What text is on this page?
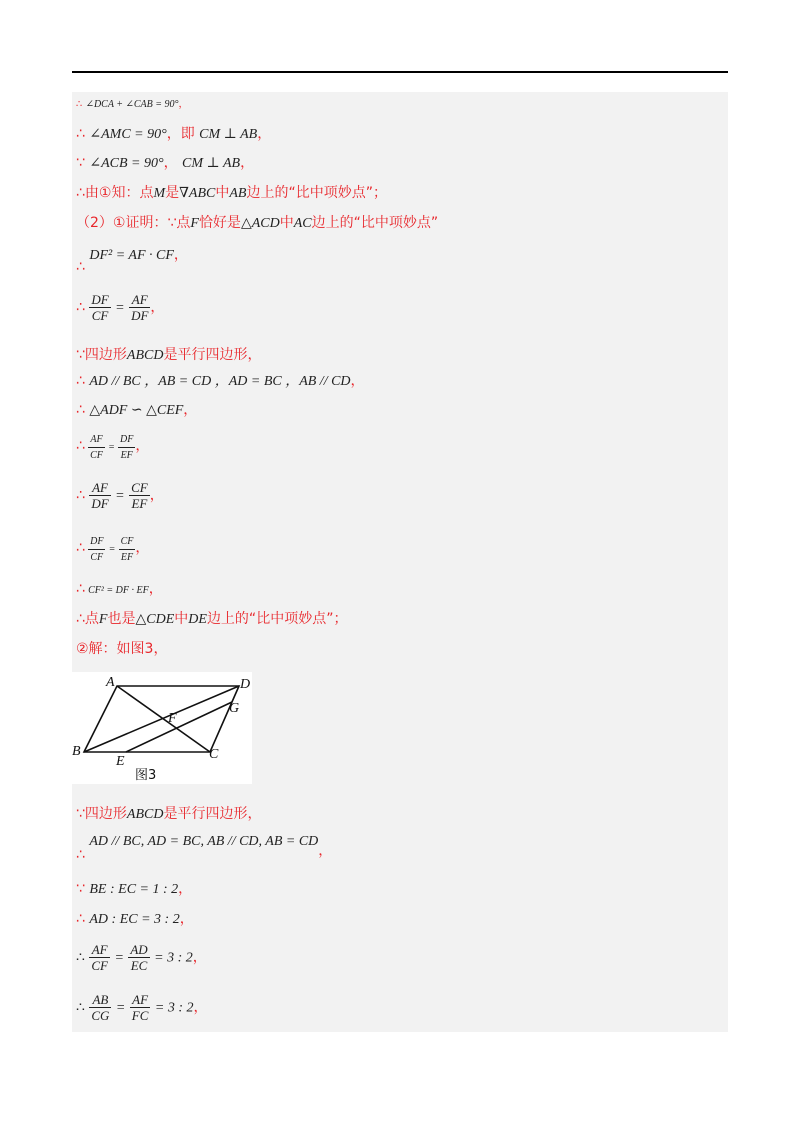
∴ ∠DCA + ∠CAB = 90°，
∴ ∠AMC = 90°，即 CM ⊥ AB，
∵ ∠ACB = 90°， CM ⊥ AB，
∴由①知：点M是∇ABC中AB边上的“比中项妙点”；
（2）①证明：∵点F恰好是△ACD中AC边上的“比中项妙点”
∴ DF² = AF · CF，
∴ $\frac{DF}{CF} = \frac{AF}{DF}$ ，
∵四边形ABCD是平行四边形，
∴ AD // BC ，AB = CD ，AD = BC ，AB // CD，
∴ △ADF ∽ △CEF，
∴ $\frac{AF}{CF} = \frac{DF}{EF}$ ，
∴ $\frac{AF}{DF} = \frac{CF}{EF}$ ，
∴ $\frac{DF}{CF} = \frac{CF}{EF}$ ，
∴ CF² = DF · EF，
∴点F也是△CDE中DE边上的“比中项妙点”；
②解：如图3，
A	D
G
F
B	C
E
图3
∵四边形ABCD是平行四边形，
∴ AD // BC, AD = BC, AB // CD, AB = CD，
∵ BE : EC = 1 : 2，
∴ AD : EC = 3 : 2，
∴ $\frac{AF}{CF} = \frac{AD}{EC} = 3$ : 2，
∴ $\frac{AB}{CG} = \frac{AF}{FC} = 3$ : 2，
